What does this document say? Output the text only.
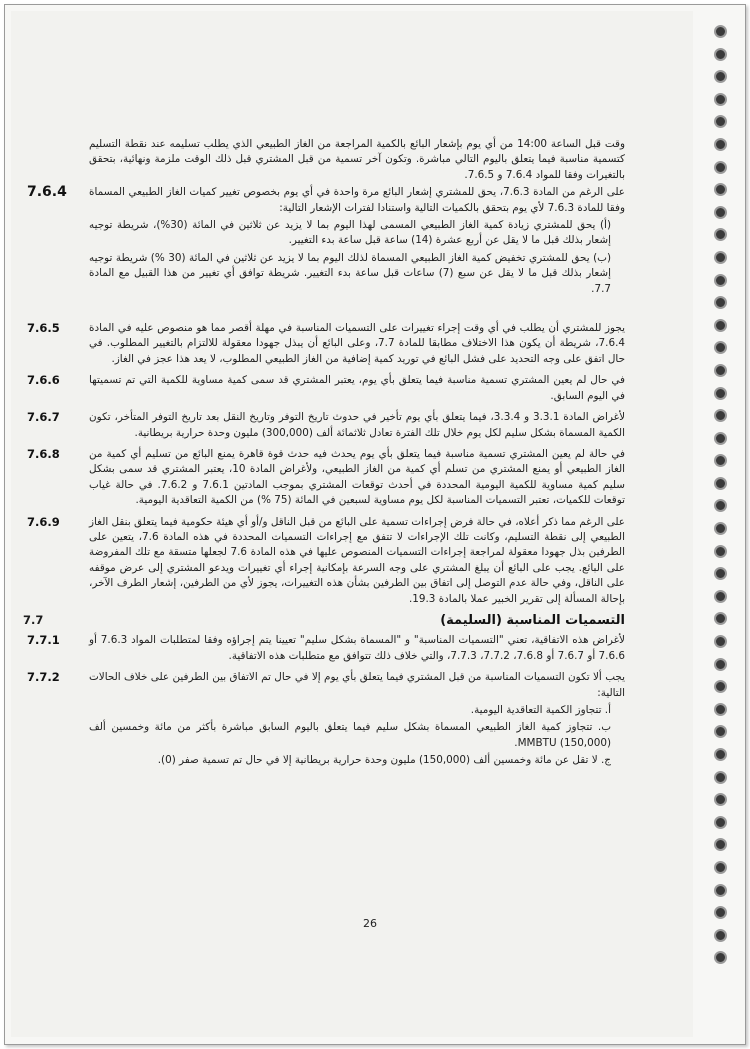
وقت قبل الساعة 14:00 من أي يوم بإشعار البائع بالكمية المراجعة من الغاز الطبيعي الذي يطلب تسليمه عند نقطة التسليم كتسمية مناسبة فيما يتعلق باليوم التالي مباشرة. وتكون آخر تسمية من قبل المشتري قبل ذلك الوقت ملزمة ونهائية، بتحقق بالتغيرات وفقا للمواد 7.6.4 و 7.6.5.

7.6.4	على الرغم من المادة 7.6.3، يحق للمشتري إشعار البائع مرة واحدة في أي يوم بخصوص تغيير كميات الغاز الطبيعي المسماة وفقا للمادة 7.6.3 لأي يوم بتحقق بالكميات التالية واستنادا لفترات الإشعار التالية:

(أ) يحق للمشتري زيادة كمية الغاز الطبيعي المسمى لهذا اليوم بما لا يزيد عن ثلاثين في المائة (30%)، شريطة توجيه إشعار بذلك قبل ما لا يقل عن أربع عشرة (14) ساعة قبل ساعة بدء التغيير.

(ب) يحق للمشتري تخفيض كمية الغاز الطبيعي المسماة لذلك اليوم بما لا يزيد عن ثلاثين في المائة (30 %) شريطة توجيه إشعار بذلك قبل ما لا يقل عن سبع (7) ساعات قبل ساعة بدء التغيير. شريطة توافق أي تغيير من هذا القبيل مع المادة 7.7.

7.6.5	يجوز للمشتري أن يطلب في أي وقت إجراء تغييرات على التسميات المناسبة في مهلة أقصر مما هو منصوص عليه في المادة 7.6.4، شريطة أن يكون هذا الاختلاف مطابقا للمادة 7.7، وعلى البائع أن يبذل جهودا معقولة للالتزام بالتغيير المطلوب. في حال اتفق على وجه التحديد على فشل البائع في توريد كمية إضافية من الغاز الطبيعي المطلوب، لا يعد هذا عجز في الغاز.

7.6.6	في حال لم يعين المشتري تسمية مناسبة فيما يتعلق بأي يوم، يعتبر المشتري قد سمى كمية مساوية للكمية التي تم تسميتها في اليوم السابق.

7.6.7	لأغراض المادة 3.3.1 و 3.3.4، فيما يتعلق بأي يوم تأخير في حدوث تاريخ التوفر وتاريخ النقل بعد تاريخ التوفر المتأخر، تكون الكمية المسماة بشكل سليم لكل يوم خلال تلك الفترة تعادل ثلاثمائة ألف (300,000) مليون وحدة حرارية بريطانية.

7.6.8	في حالة لم يعين المشتري تسمية مناسبة فيما يتعلق بأي يوم يحدث فيه حدث قوة قاهرة يمنع البائع من تسليم أي كمية من الغاز الطبيعي أو يمنع المشتري من تسلم أي كمية من الغاز الطبيعي، ولأغراض المادة 10، يعتبر المشتري قد سمى بشكل سليم كمية مساوية للكمية اليومية المحددة في أحدث توقعات المشتري بموجب المادتين 7.6.1 و 7.6.2. في حالة غياب توقعات للكميات، تعتبر التسميات المناسبة لكل يوم مساوية لسبعين في المائة (75 %) من الكمية التعاقدية اليومية.

7.6.9	على الرغم مما ذكر أعلاه، في حالة فرض إجراءات تسمية على البائع من قبل الناقل و/أو أي هيئة حكومية فيما يتعلق بنقل الغاز الطبيعي إلى نقطة التسليم، وكانت تلك الإجراءات لا تتفق مع إجراءات التسميات المحددة في هذه المادة 7.6، يتعين على الطرفين بذل جهودا معقولة لمراجعة إجراءات التسميات المنصوص عليها في هذه المادة 7.6 لجعلها متسقة مع تلك المفروضة على البائع. يجب على البائع أن يبلغ المشتري على وجه السرعة بإمكانية إجراء أي تغييرات ويدعو المشتري إلى عرض موقفه على الناقل، وفي حالة عدم التوصل إلى اتفاق بين الطرفين بشأن هذه التغييرات، يجوز لأي من الطرفين، إشعار الطرف الآخر، بإحالة المسألة إلى تقرير الخبير عملا بالمادة 19.3.

7.7	التسميات المناسبة (السليمة)
7.7.1	لأغراض هذه الاتفاقية، تعني "التسميات المناسبة" و "المسماة بشكل سليم" تعيينا يتم إجراؤه وفقا لمتطلبات المواد 7.6.3 أو 7.6.6 أو 7.6.7 أو 7.6.8، 7.7.2، 7.7.3، والتي خلاف ذلك تتوافق مع متطلبات هذه الاتفاقية.

7.7.2	يجب ألا تكون التسميات المناسبة من قبل المشتري فيما يتعلق بأي يوم إلا في حال تم الاتفاق بين الطرفين على خلاف الحالات التالية:

أ. تتجاوز الكمية التعاقدية اليومية.

ب. تتجاوز كمية الغاز الطبيعي المسماة بشكل سليم فيما يتعلق باليوم السابق مباشرة بأكثر من مائة وخمسين ألف (150,000) MMBTU.

ج. لا تقل عن مائة وخمسين ألف (150,000) مليون وحدة حرارية بريطانية إلا في حال تم تسمية صفر (0).

26
